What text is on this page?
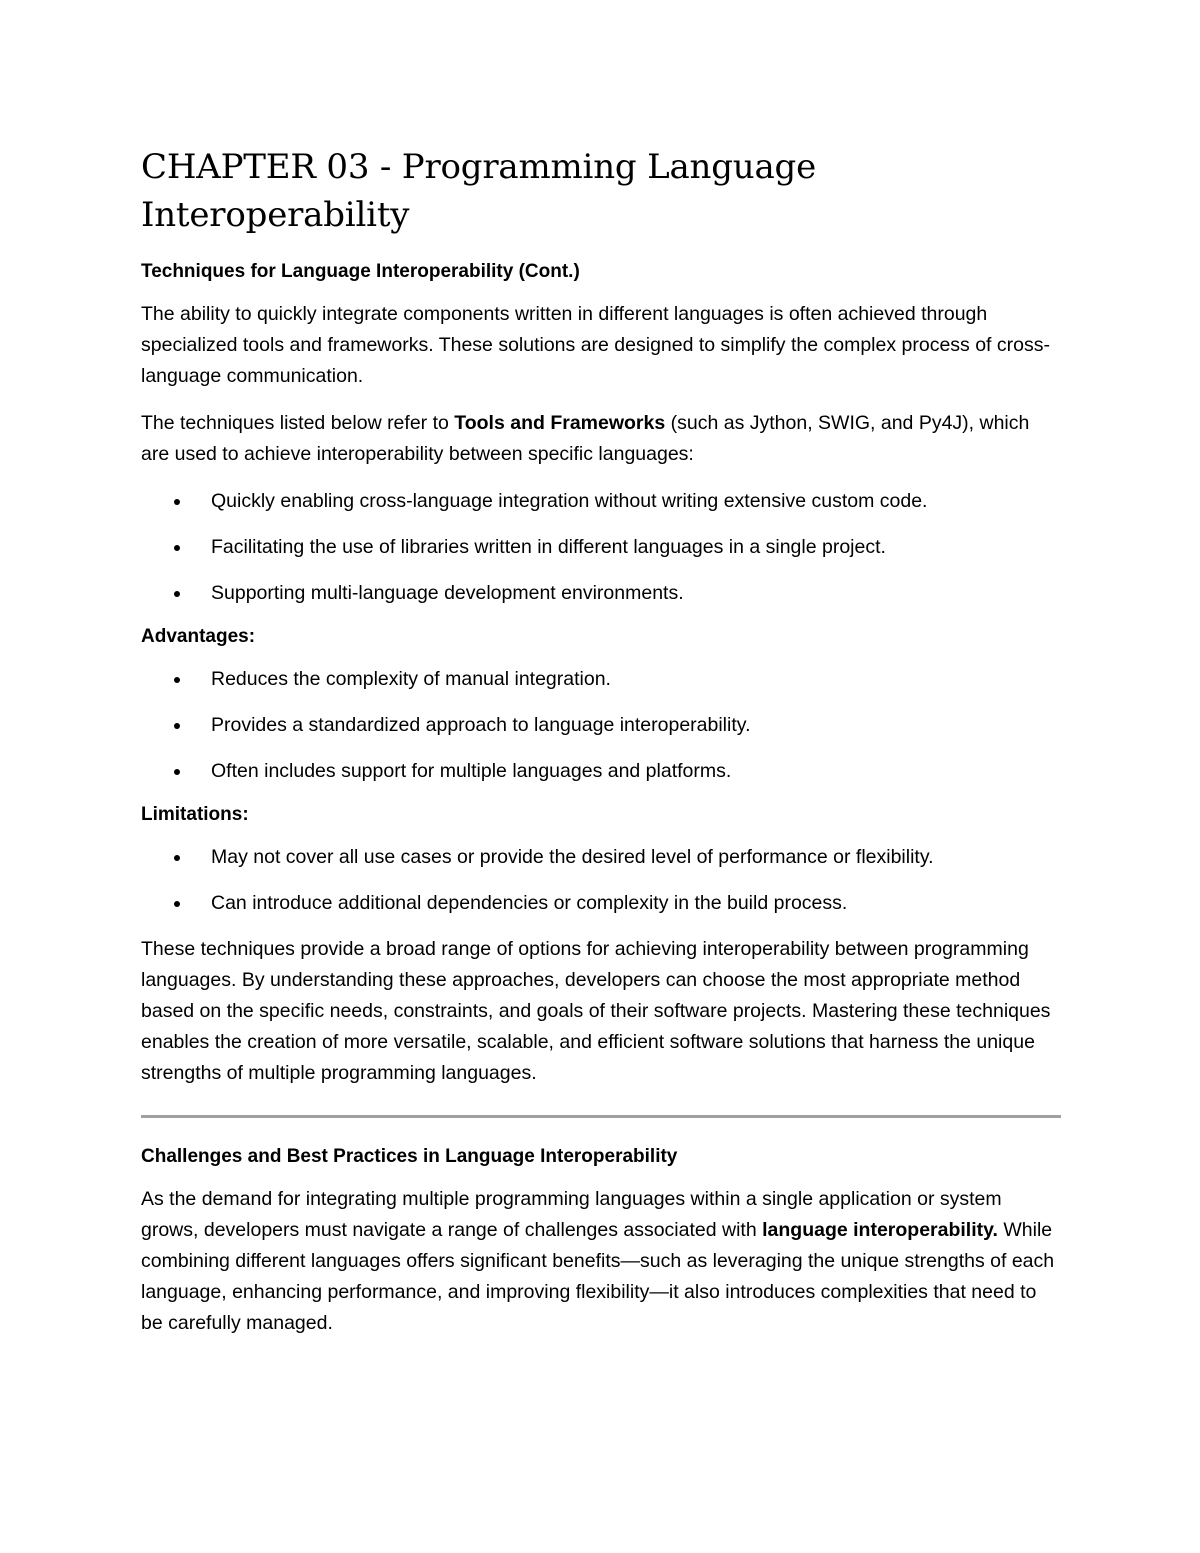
CHAPTER 03 - Programming Language Interoperability
Techniques for Language Interoperability (Cont.)

The ability to quickly integrate components written in different languages is often achieved through specialized tools and frameworks. These solutions are designed to simplify the complex process of cross-language communication.

The techniques listed below refer to Tools and Frameworks (such as Jython, SWIG, and Py4J), which are used to achieve interoperability between specific languages:

Quickly enabling cross-language integration without writing extensive custom code.
Facilitating the use of libraries written in different languages in a single project.
Supporting multi-language development environments.
Advantages:
Reduces the complexity of manual integration.
Provides a standardized approach to language interoperability.
Often includes support for multiple languages and platforms.
Limitations:
May not cover all use cases or provide the desired level of performance or flexibility.
Can introduce additional dependencies or complexity in the build process.

These techniques provide a broad range of options for achieving interoperability between programming languages. By understanding these approaches, developers can choose the most appropriate method based on the specific needs, constraints, and goals of their software projects. Mastering these techniques enables the creation of more versatile, scalable, and efficient software solutions that harness the unique strengths of multiple programming languages.

Challenges and Best Practices in Language Interoperability

As the demand for integrating multiple programming languages within a single application or system grows, developers must navigate a range of challenges associated with language interoperability. While combining different languages offers significant benefits—such as leveraging the unique strengths of each language, enhancing performance, and improving flexibility—it also introduces complexities that need to be carefully managed.
